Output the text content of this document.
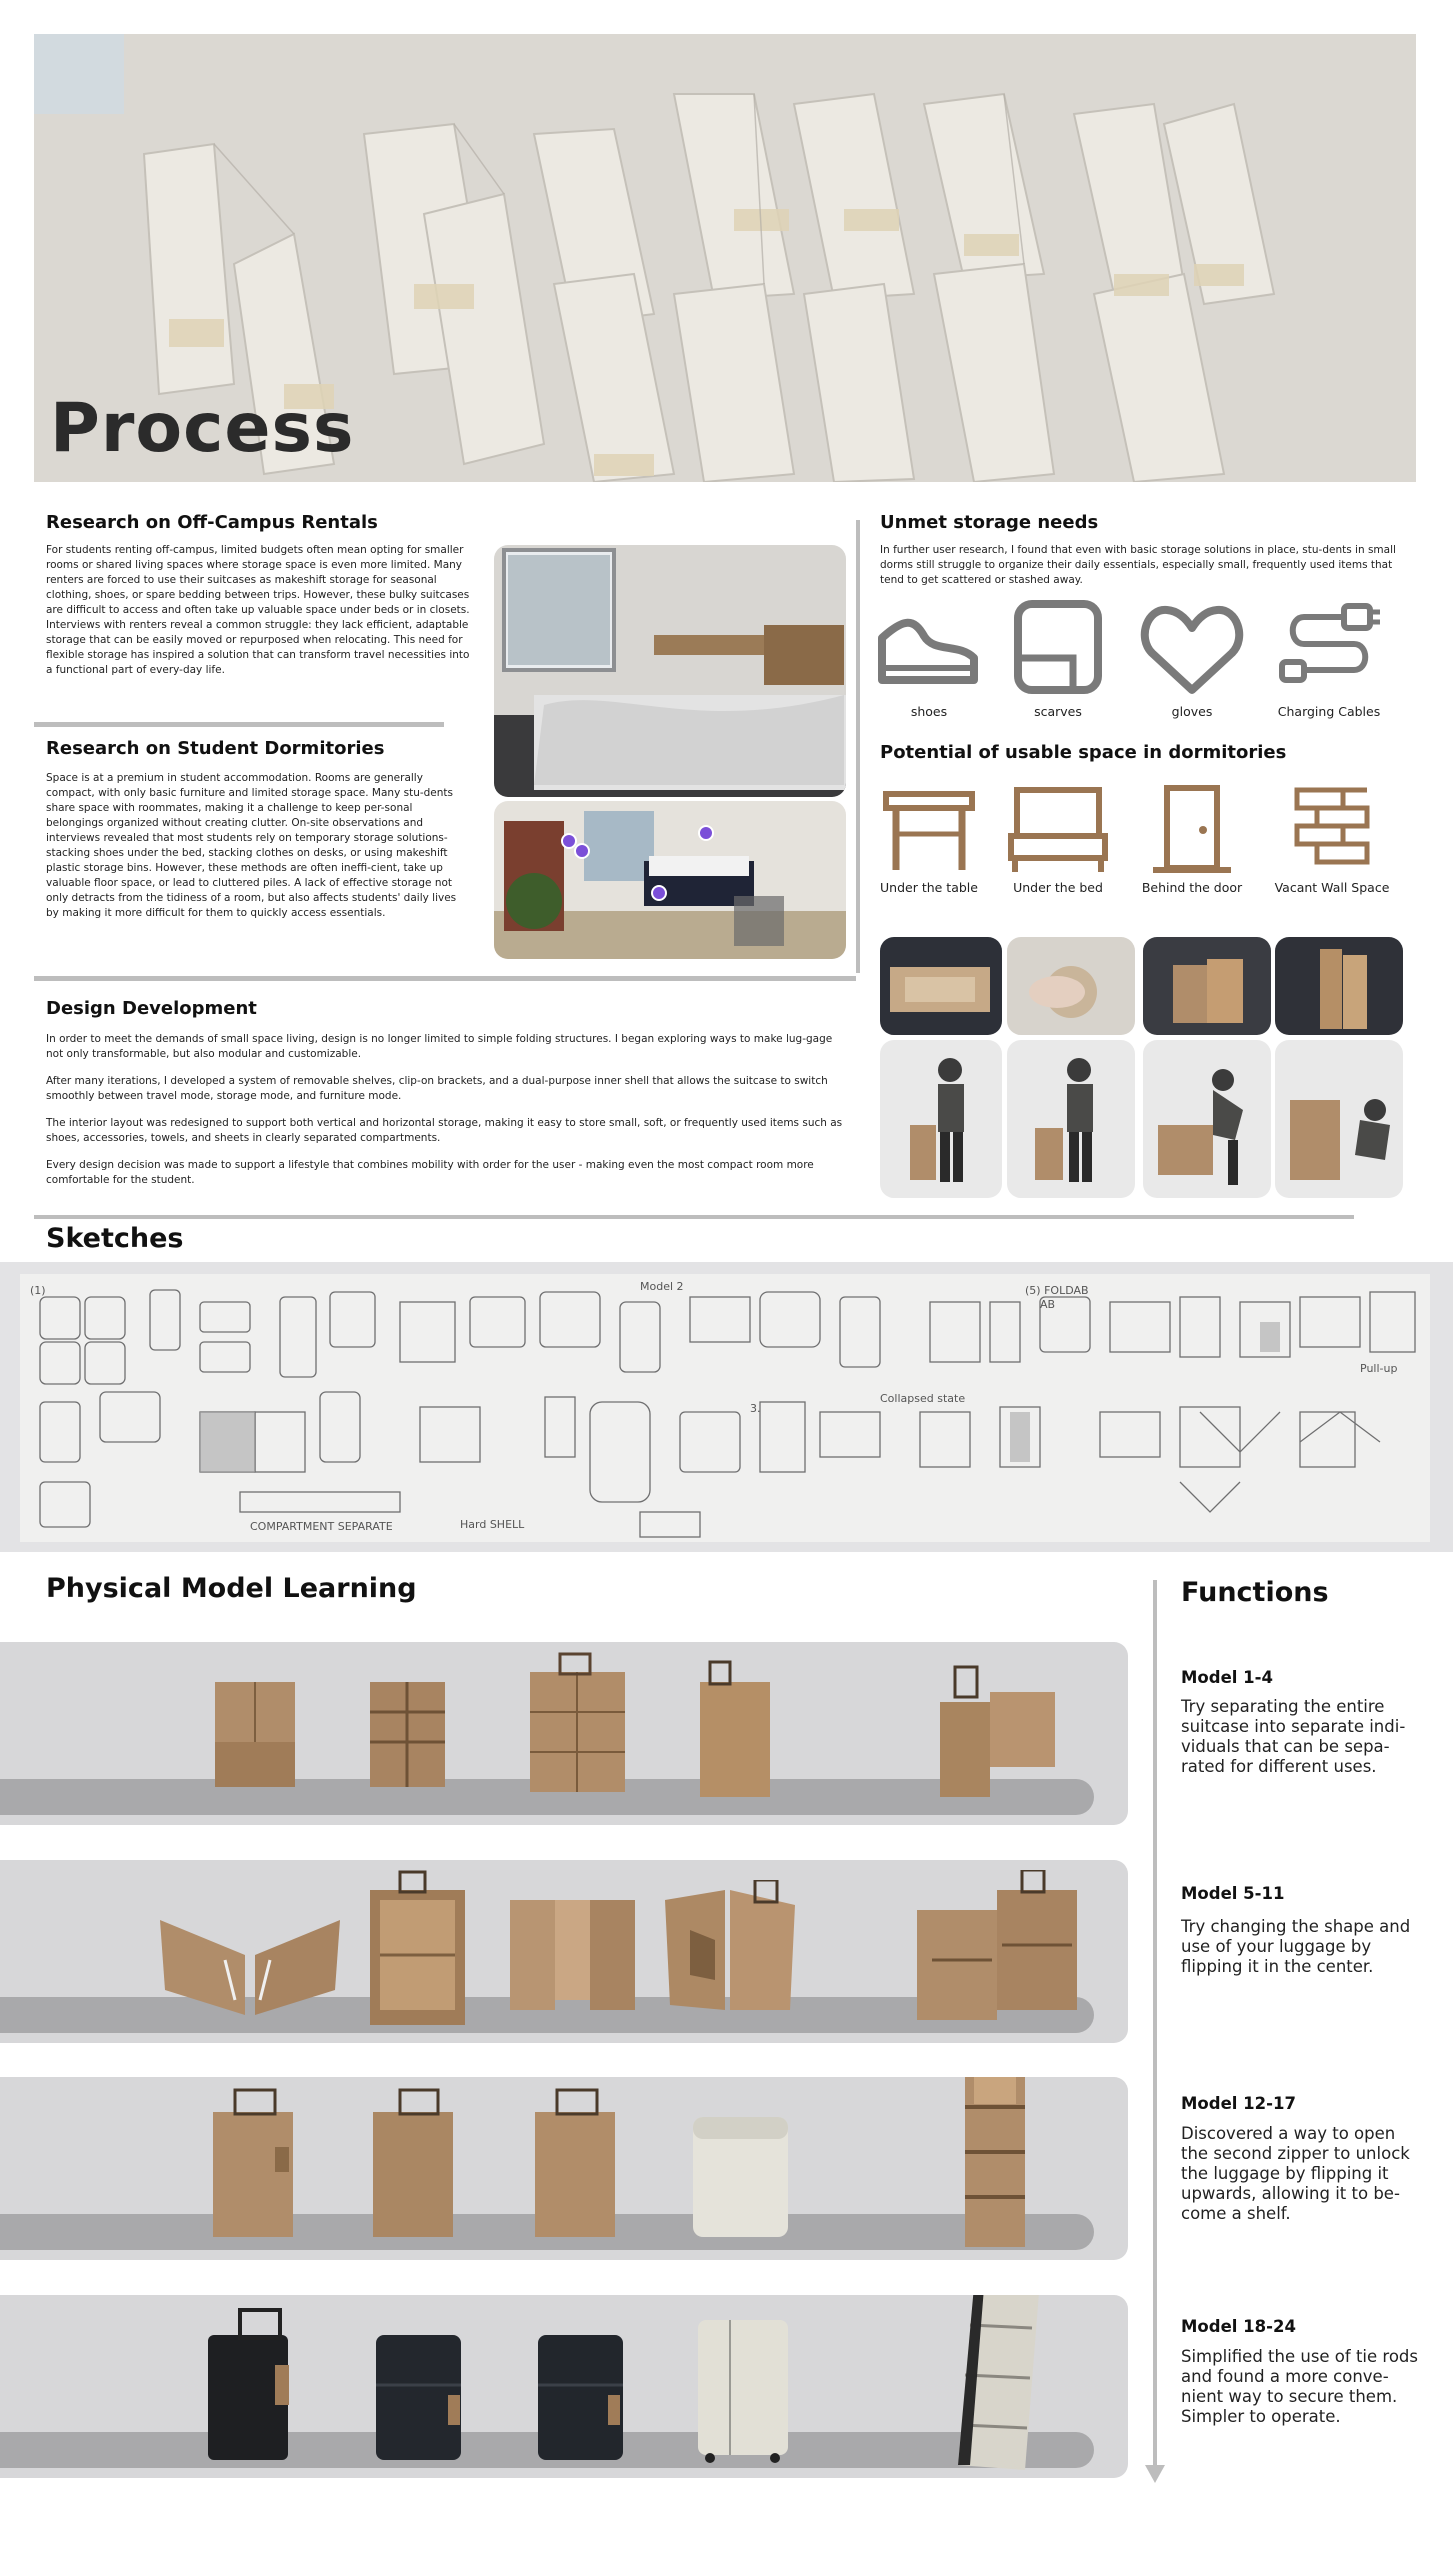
Process
Research on Off-Campus Rentals
For students renting off-campus, limited budgets often mean opting for smaller rooms or shared living spaces where storage space is even more limited. Many renters are forced to use their suitcases as makeshift storage for seasonal clothing, shoes, or spare bedding between trips. However, these bulky suitcases are difficult to access and often take up valuable space under beds or in closets. Interviews with renters reveal a common struggle: they lack efficient, adaptable storage that can be easily moved or repurposed when relocating. This need for flexible storage has inspired a solution that can transform travel necessities into a functional part of every-day life.
Research on Student Dormitories
Space is at a premium in student accommodation. Rooms are generally compact, with only basic furniture and limited storage space. Many stu-dents share space with roommates, making it a challenge to keep per-sonal belongings organized without creating clutter. On-site observations and interviews revealed that most students rely on temporary storage solutions-stacking shoes under the bed, stacking clothes on desks, or using makeshift plastic storage bins. However, these methods are often ineffi-cient, take up valuable floor space, or lead to cluttered piles. A lack of effective storage not only detracts from the tidiness of a room, but also affects students' daily lives by making it more difficult for them to quickly access essentials.
Unmet storage needs
In further user research, I found that even with basic storage solutions in place, stu-dents in small dorms still struggle to organize their daily essentials, especially small, frequently used items that tend to get scattered or stashed away.
shoes	scarves	gloves	Charging Cables
Potential of usable space in dormitories
Under the table	Under the bed	Behind the door	Vacant Wall Space
Design Development
In order to meet the demands of small space living, design is no longer limited to simple folding structures. I began exploring ways to make lug-gage not only transformable, but also modular and customizable.
After many iterations, I developed a system of removable shelves, clip-on brackets, and a dual-purpose inner shell that allows the suitcase to switch smoothly between travel mode, storage mode, and furniture mode.
The interior layout was redesigned to support both vertical and horizontal storage, making it easy to store small, soft, or frequently used items such as shoes, accessories, towels, and sheets in clearly separated compartments.
Every design decision was made to support a lifestyle that combines mobility with order for the user - making even the most compact room more comfortable for the student.
Sketches
(5) FOLDAB
AB
(1)	Model 2
Collapsed state
COMPARTMENT SEPARATE	Hard SHELL
Pull-up
3.
Physical Model Learning	Functions
Model 1-4
Try separating the entire suitcase into separate indi-viduals that can be sepa-rated for different uses.
Model 5-11
Try changing the shape and use of your luggage by flipping it in the center.
Model 12-17
Discovered a way to open the second zipper to unlock the luggage by flipping it upwards, allowing it to be-come a shelf.
Model 18-24
Simplified the use of tie rods and found a more conve-nient way to secure them. Simpler to operate.
